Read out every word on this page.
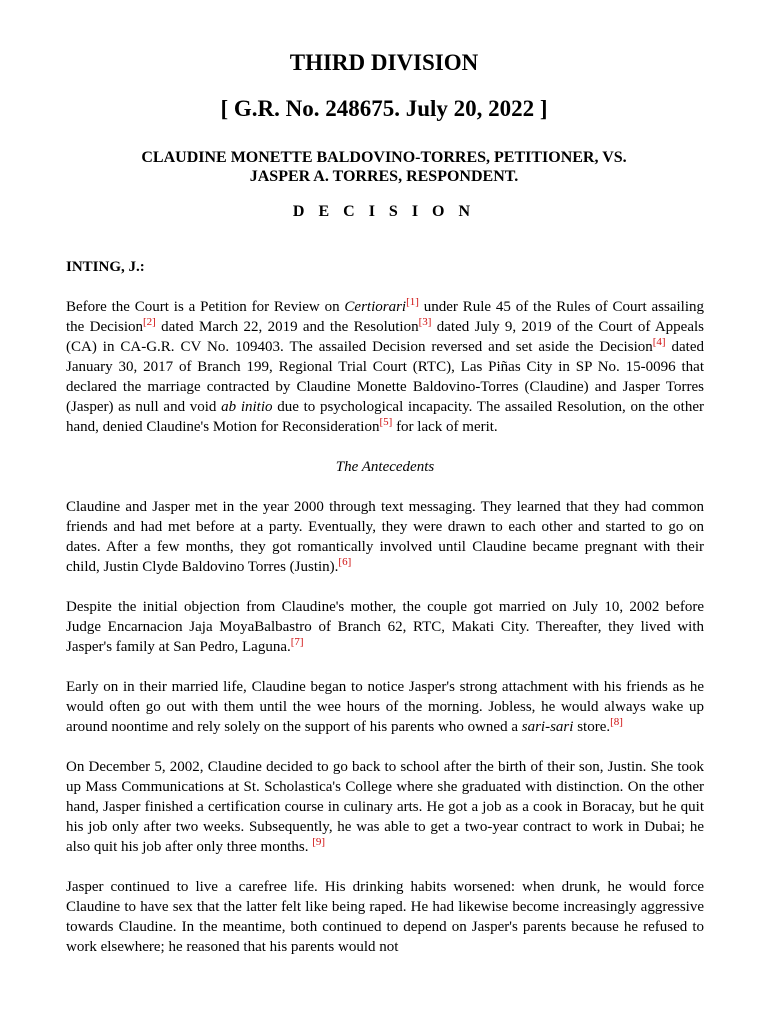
THIRD DIVISION
[ G.R. No. 248675. July 20, 2022 ]
CLAUDINE MONETTE BALDOVINO-TORRES, PETITIONER, VS.
JASPER A. TORRES, RESPONDENT.
D E C I S I O N
INTING, J.:

Before the Court is a Petition for Review on Certiorari[1] under Rule 45 of the Rules of Court assailing the Decision[2] dated March 22, 2019 and the Resolution[3] dated July 9, 2019 of the Court of Appeals (CA) in CA-G.R. CV No. 109403. The assailed Decision reversed and set aside the Decision[4] dated January 30, 2017 of Branch 199, Regional Trial Court (RTC), Las Piñas City in SP No. 15-0096 that declared the marriage contracted by Claudine Monette Baldovino-Torres (Claudine) and Jasper Torres (Jasper) as null and void ab initio due to psychological incapacity. The assailed Resolution, on the other hand, denied Claudine's Motion for Reconsideration[5] for lack of merit.

The Antecedents

Claudine and Jasper met in the year 2000 through text messaging. They learned that they had common friends and had met before at a party. Eventually, they were drawn to each other and started to go on dates. After a few months, they got romantically involved until Claudine became pregnant with their child, Justin Clyde Baldovino Torres (Justin).[6]

Despite the initial objection from Claudine's mother, the couple got married on July 10, 2002 before Judge Encarnacion Jaja MoyaBalbastro of Branch 62, RTC, Makati City. Thereafter, they lived with Jasper's family at San Pedro, Laguna.[7]

Early on in their married life, Claudine began to notice Jasper's strong attachment with his friends as he would often go out with them until the wee hours of the morning. Jobless, he would always wake up around noontime and rely solely on the support of his parents who owned a sari-sari store.[8]

On December 5, 2002, Claudine decided to go back to school after the birth of their son, Justin. She took up Mass Communications at St. Scholastica's College where she graduated with distinction. On the other hand, Jasper finished a certification course in culinary arts. He got a job as a cook in Boracay, but he quit his job only after two weeks. Subsequently, he was able to get a two-year contract to work in Dubai; he also quit his job after only three months. [9]

Jasper continued to live a carefree life. His drinking habits worsened: when drunk, he would force Claudine to have sex that the latter felt like being raped. He had likewise become increasingly aggressive towards Claudine. In the meantime, both continued to depend on Jasper's parents because he refused to work elsewhere; he reasoned that his parents would not
